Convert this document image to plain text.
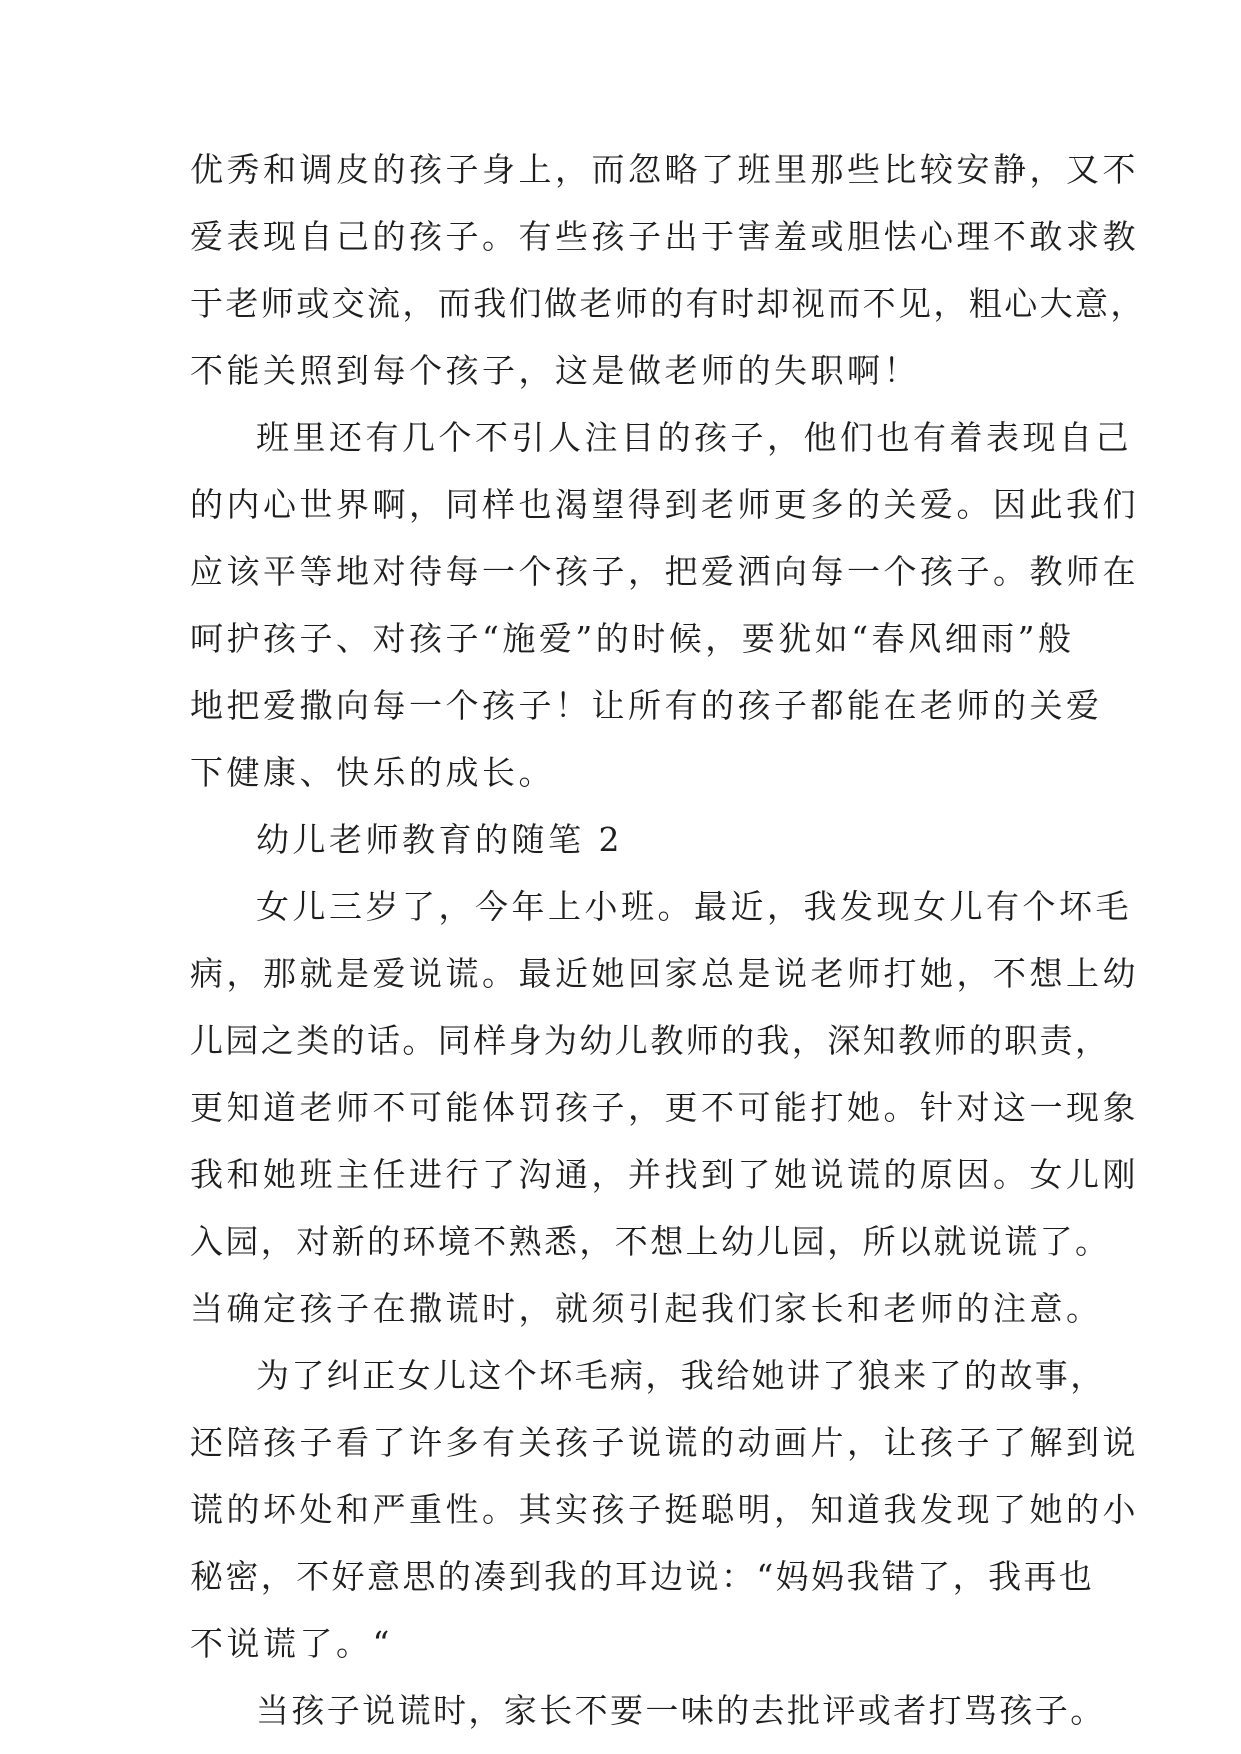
优秀和调皮的孩子身上，而忽略了班里那些比较安静，又不
爱表现自己的孩子。有些孩子出于害羞或胆怯心理不敢求教
于老师或交流，而我们做老师的有时却视而不见，粗心大意，
不能关照到每个孩子，这是做老师的失职啊！
班里还有几个不引人注目的孩子，他们也有着表现自己
的内心世界啊，同样也渴望得到老师更多的关爱。因此我们
应该平等地对待每一个孩子，把爱洒向每一个孩子。教师在
呵护孩子、对孩子“施爱”的时候，要犹如“春风细雨”般
地把爱撒向每一个孩子！让所有的孩子都能在老师的关爱
下健康、快乐的成长。
幼儿老师教育的随笔 2
女儿三岁了，今年上小班。最近，我发现女儿有个坏毛
病，那就是爱说谎。最近她回家总是说老师打她，不想上幼
儿园之类的话。同样身为幼儿教师的我，深知教师的职责，
更知道老师不可能体罚孩子，更不可能打她。针对这一现象
我和她班主任进行了沟通，并找到了她说谎的原因。女儿刚
入园，对新的环境不熟悉，不想上幼儿园，所以就说谎了。
当确定孩子在撒谎时，就须引起我们家长和老师的注意。
为了纠正女儿这个坏毛病，我给她讲了狼来了的故事，
还陪孩子看了许多有关孩子说谎的动画片，让孩子了解到说
谎的坏处和严重性。其实孩子挺聪明，知道我发现了她的小
秘密，不好意思的凑到我的耳边说：“妈妈我错了，我再也
不说谎了。“
当孩子说谎时，家长不要一味的去批评或者打骂孩子。
